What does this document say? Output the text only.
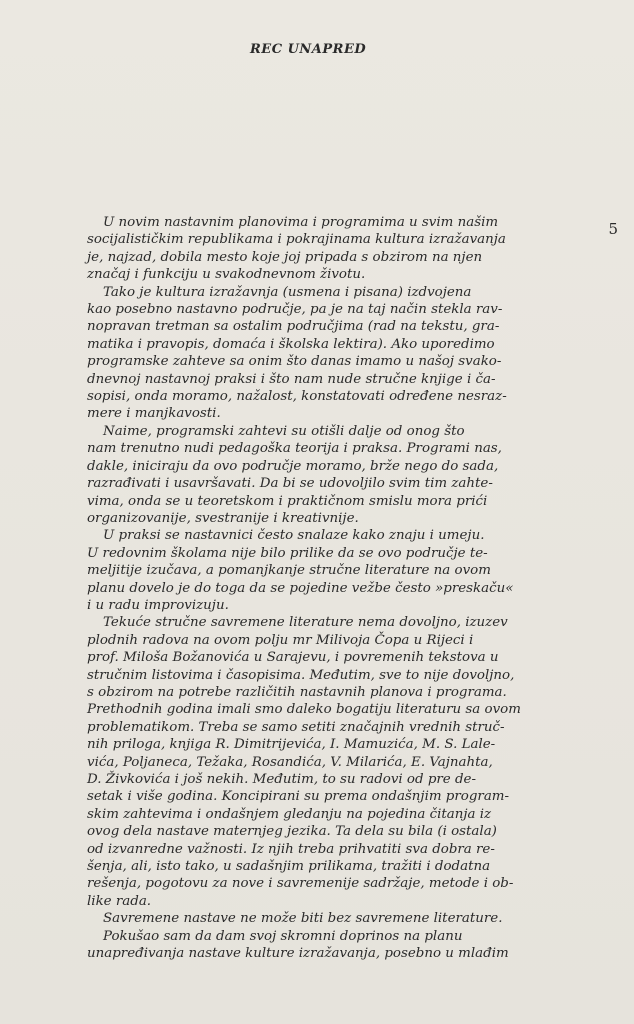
REC UNAPRED
5
U novim nastavnim planovima i programima u svim našim
socijalističkim republikama i pokrajinama kultura izražavanja
je, najzad, dobila mesto koje joj pripada s obzirom na njen
značaj i funkciju u svakodnevnom životu.
Tako je kultura izražavnja (usmena i pisana) izdvojena
kao posebno nastavno područje, pa je na taj način stekla rav-
nopravan tretman sa ostalim područjima (rad na tekstu, gra-
matika i pravopis, domaća i školska lektira). Ako uporedimo
programske zahteve sa onim što danas imamo u našoj svako-
dnevnoj nastavnoj praksi i što nam nude stručne knjige i ča-
sopisi, onda moramo, nažalost, konstatovati određene nesraz-
mere i manjkavosti.
Naime, programski zahtevi su otišli dalje od onog što
nam trenutno nudi pedagoška teorija i praksa. Programi nas,
dakle, iniciraju da ovo područje moramo, brže nego do sada,
razrađivati i usavršavati. Da bi se udovoljilo svim tim zahte-
vima, onda se u teoretskom i praktičnom smislu mora prići
organizovanije, svestranije i kreativnije.
U praksi se nastavnici često snalaze kako znaju i umeju.
U redovnim školama nije bilo prilike da se ovo područje te-
meljitije izučava, a pomanjkanje stručne literature na ovom
planu dovelo je do toga da se pojedine vežbe često »preskaču«
i u radu improvizuju.
Tekuće stručne savremene literature nema dovoljno, izuzev
plodnih radova na ovom polju mr Milivoja Čopa u Rijeci i
prof. Miloša Božanovića u Sarajevu, i povremenih tekstova u
stručnim listovima i časopisima. Međutim, sve to nije dovoljno,
s obzirom na potrebe različitih nastavnih planova i programa.
Prethodnih godina imali smo daleko bogatiju literaturu sa ovom
problematikom. Treba se samo setiti značajnih vrednih struč-
nih priloga, knjiga R. Dimitrijevića, I. Mamuzića, M. S. Lale-
vića, Poljaneca, Težaka, Rosandića, V. Milarića, E. Vajnahta,
D. Živkovića i još nekih. Međutim, to su radovi od pre de-
setak i više godina. Koncipirani su prema ondašnjim program-
skim zahtevima i ondašnjem gledanju na pojedina čitanja iz
ovog dela nastave maternjeg jezika. Ta dela su bila (i ostala)
od izvanredne važnosti. Iz njih treba prihvatiti sva dobra re-
šenja, ali, isto tako, u sadašnjim prilikama, tražiti i dodatna
rešenja, pogotovu za nove i savremenije sadržaje, metode i ob-
like rada.
Savremene nastave ne može biti bez savremene literature.
Pokušao sam da dam svoj skromni doprinos na planu
unapređivanja nastave kulture izražavanja, posebno u mlađim
